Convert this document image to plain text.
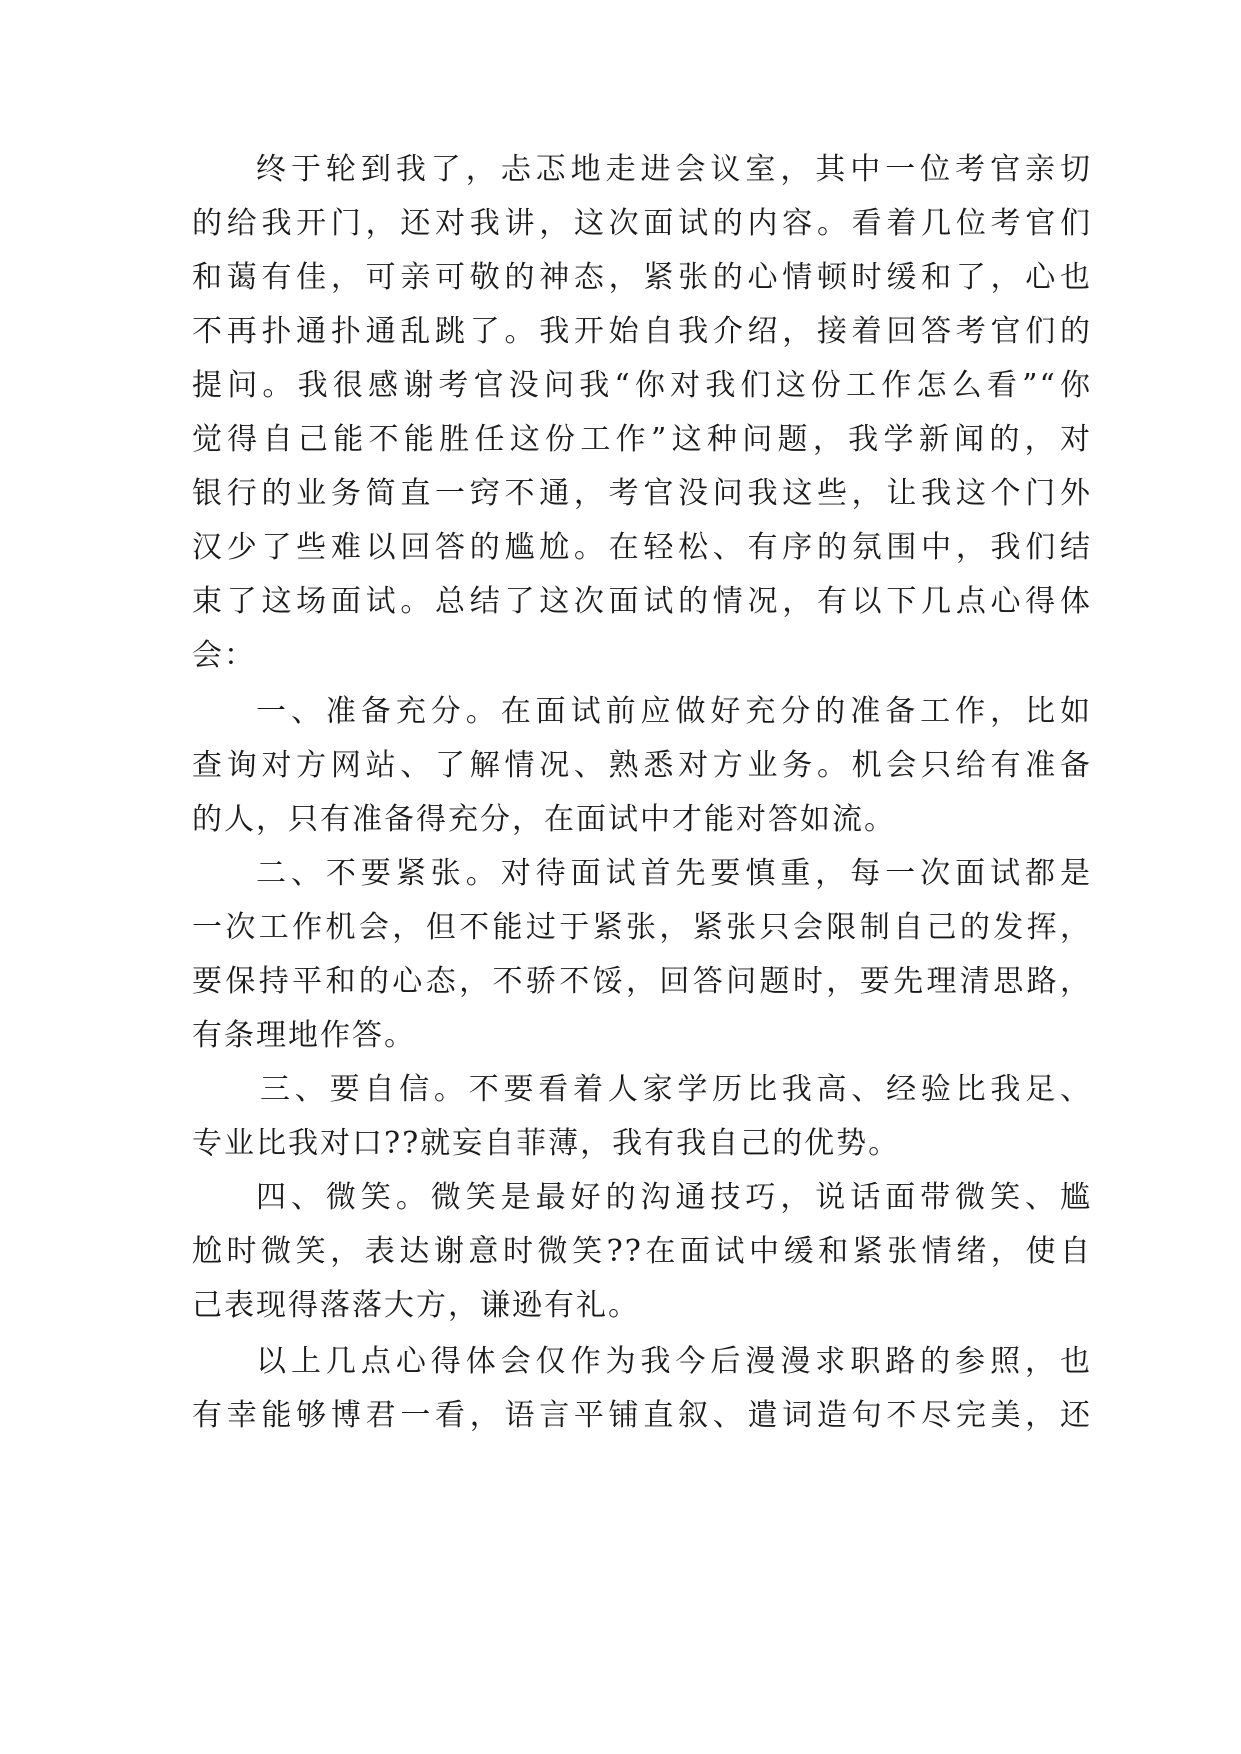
终于轮到我了，忐忑地走进会议室，其中一位考官亲切
的给我开门，还对我讲，这次面试的内容。看着几位考官们
和蔼有佳，可亲可敬的神态，紧张的心情顿时缓和了，心也
不再扑通扑通乱跳了。我开始自我介绍，接着回答考官们的
提问。我很感谢考官没问我“你对我们这份工作怎么看”“你
觉得自己能不能胜任这份工作”这种问题，我学新闻的，对
银行的业务简直一窍不通，考官没问我这些，让我这个门外
汉少了些难以回答的尴尬。在轻松、有序的氛围中，我们结
束了这场面试。总结了这次面试的情况，有以下几点心得体
会：
一、准备充分。在面试前应做好充分的准备工作，比如
查询对方网站、了解情况、熟悉对方业务。机会只给有准备
的人，只有准备得充分，在面试中才能对答如流。
二、不要紧张。对待面试首先要慎重，每一次面试都是
一次工作机会，但不能过于紧张，紧张只会限制自己的发挥，
要保持平和的心态，不骄不馁，回答问题时，要先理清思路，
有条理地作答。
三、要自信。不要看着人家学历比我高、经验比我足、
专业比我对口??就妄自菲薄，我有我自己的优势。
四、微笑。微笑是最好的沟通技巧，说话面带微笑、尴
尬时微笑，表达谢意时微笑??在面试中缓和紧张情绪，使自
己表现得落落大方，谦逊有礼。
以上几点心得体会仅作为我今后漫漫求职路的参照，也
有幸能够博君一看，语言平铺直叙、遣词造句不尽完美，还
